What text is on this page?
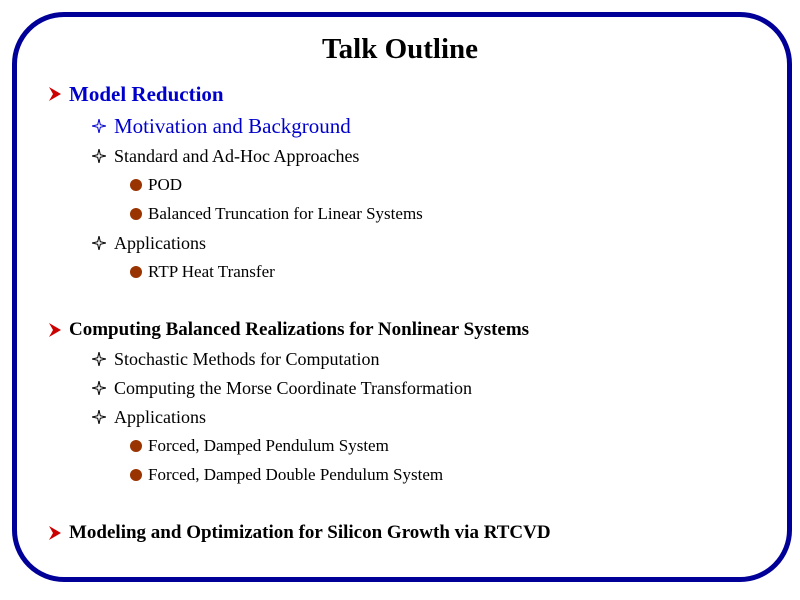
Talk Outline
Model Reduction
Motivation and Background
Standard and Ad-Hoc Approaches
POD
Balanced Truncation for Linear Systems
Applications
RTP Heat Transfer
Computing Balanced Realizations for Nonlinear Systems
Stochastic Methods for Computation
Computing the Morse Coordinate Transformation
Applications
Forced, Damped Pendulum System
Forced, Damped Double Pendulum System
Modeling and Optimization for Silicon Growth via RTCVD
